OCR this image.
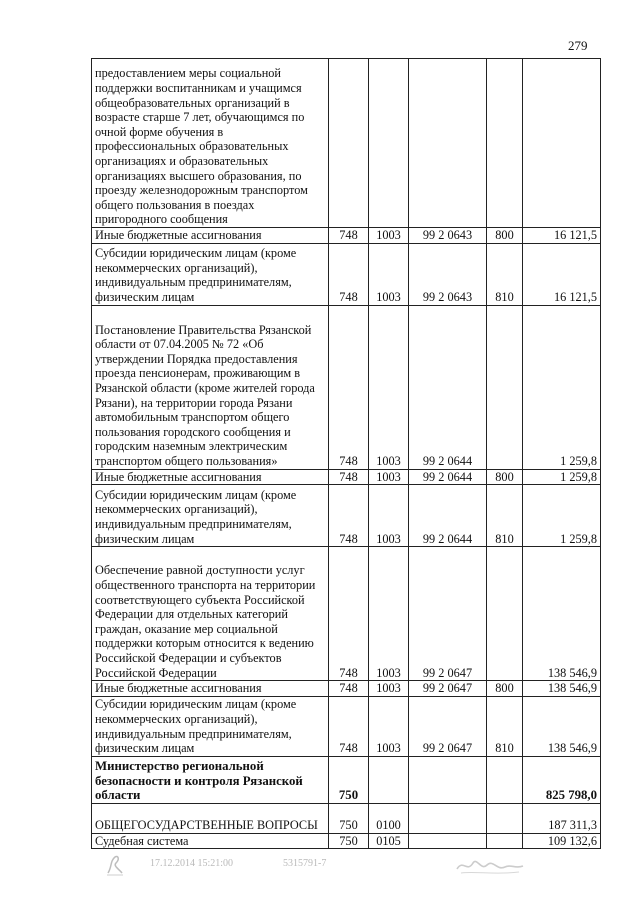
279
предоставлением меры социальной поддержки воспитанникам и учащимся общеобразовательных организаций в возрасте старше 7 лет, обучающимся по очной форме обучения в профессиональных образовательных организациях и образовательных организациях высшего образования, по проезду железнодорожным транспортом общего пользования в поездах пригородного сообщения					
Иные бюджетные ассигнования	748	1003	99 2 0643	800	16 121,5
Субсидии юридическим лицам (кроме некоммерческих организаций), индивидуальным предпринимателям, физическим лицам	748	1003	99 2 0643	810	16 121,5
Постановление Правительства Рязанской области от 07.04.2005 № 72 «Об утверждении Порядка предоставления проезда пенсионерам, проживающим в Рязанской области (кроме жителей города Рязани), на территории города Рязани автомобильным транспортом общего пользования городского сообщения и городским наземным электрическим транспортом общего пользования»	748	1003	99 2 0644		1 259,8
Иные бюджетные ассигнования	748	1003	99 2 0644	800	1 259,8
Субсидии юридическим лицам (кроме некоммерческих организаций), индивидуальным предпринимателям, физическим лицам	748	1003	99 2 0644	810	1 259,8
Обеспечение равной доступности услуг общественного транспорта на территории соответствующего субъекта Российской Федерации для отдельных категорий граждан, оказание мер социальной поддержки которым относится к ведению Российской Федерации и субъектов Российской Федерации	748	1003	99 2 0647		138 546,9
Иные бюджетные ассигнования	748	1003	99 2 0647	800	138 546,9
Субсидии юридическим лицам (кроме некоммерческих организаций), индивидуальным предпринимателям, физическим лицам	748	1003	99 2 0647	810	138 546,9
Министерство региональной безопасности и контроля Рязанской области	750				825 798,0
ОБЩЕГОСУДАРСТВЕННЫЕ ВОПРОСЫ	750	0100			187 311,3
Судебная система	750	0105			109 132,6
17.12.2014 15:21:00	5315791-7
